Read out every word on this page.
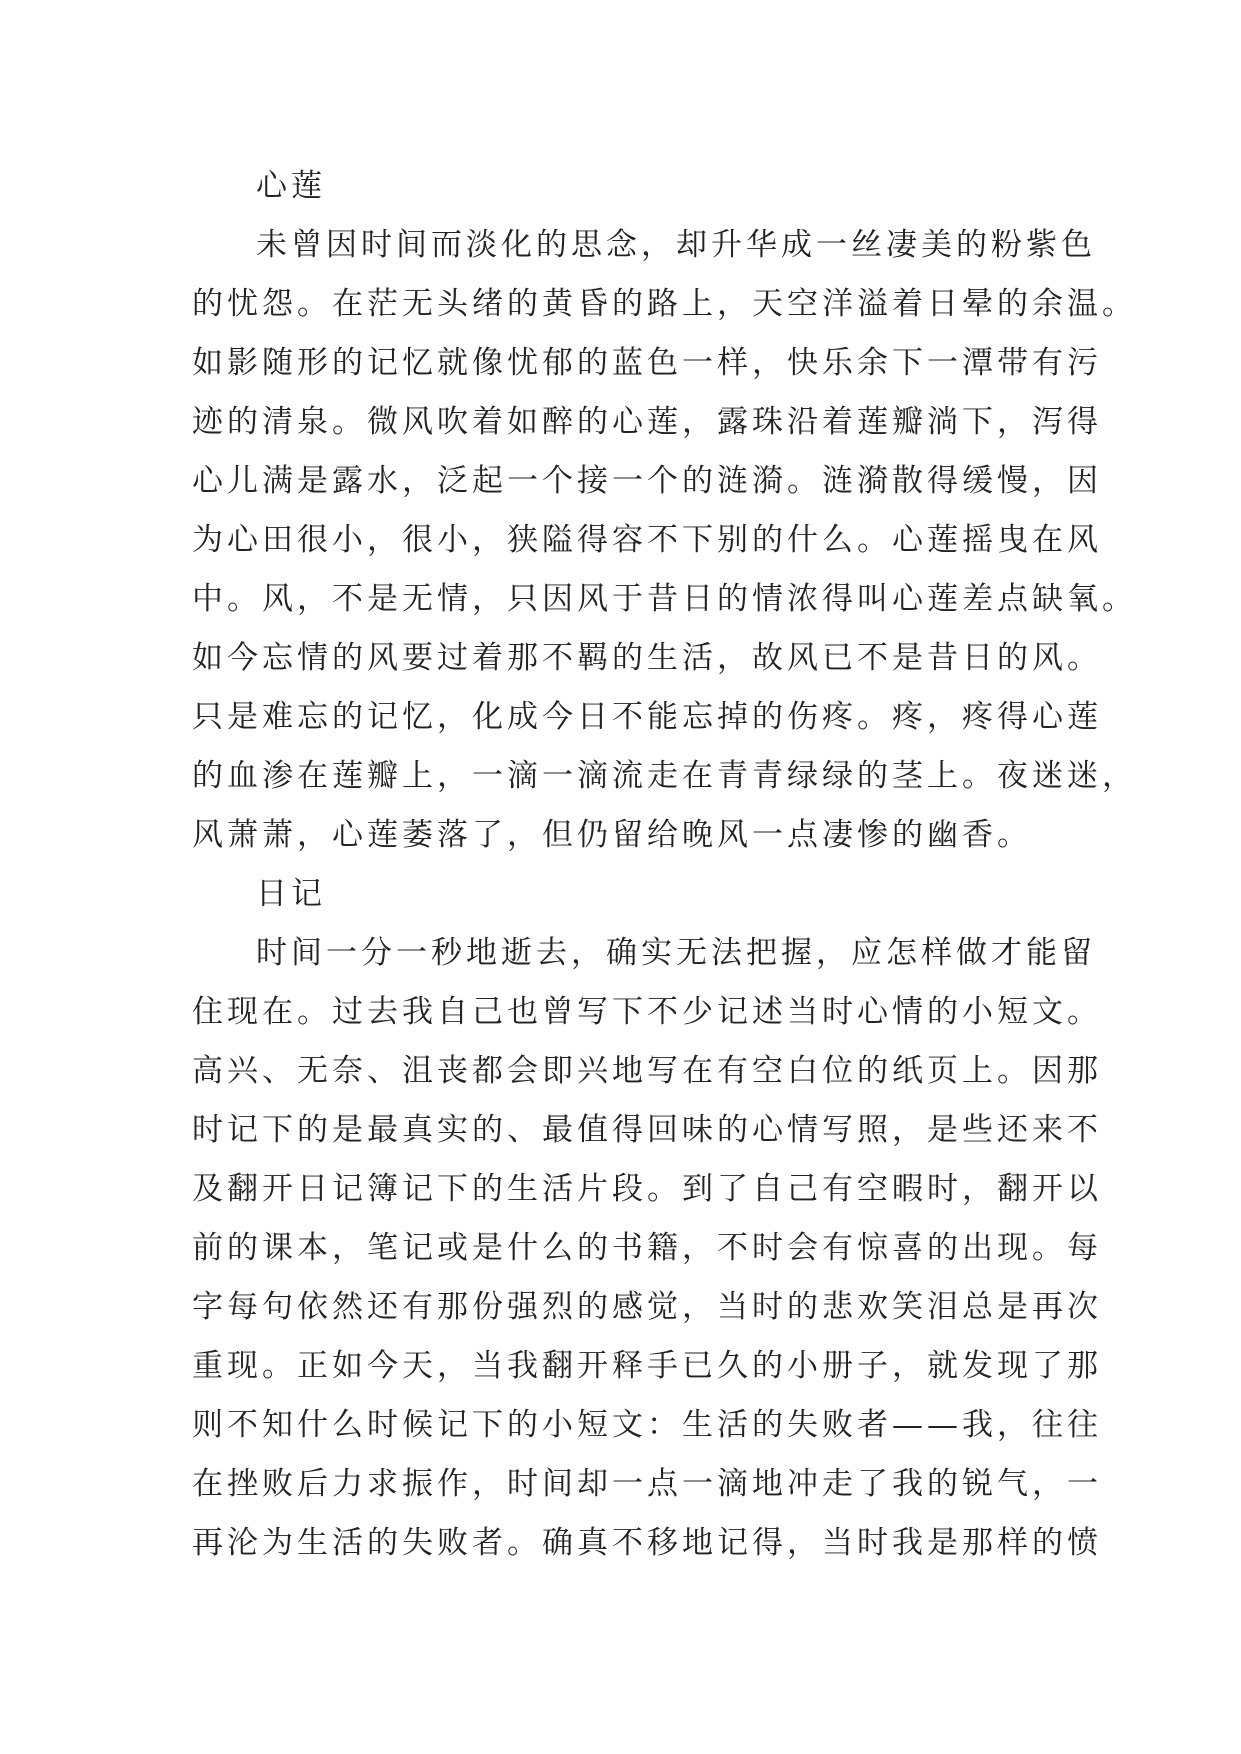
心莲
未曾因时间而淡化的思念，却升华成一丝凄美的粉紫色
的忧怨。在茫无头绪的黄昏的路上，天空洋溢着日晕的余温。
如影随形的记忆就像忧郁的蓝色一样，快乐余下一潭带有污
迹的清泉。微风吹着如醉的心莲，露珠沿着莲瓣淌下，泻得
心儿满是露水，泛起一个接一个的涟漪。涟漪散得缓慢，因
为心田很小，很小，狭隘得容不下别的什么。心莲摇曳在风
中。风，不是无情，只因风于昔日的情浓得叫心莲差点缺氧。
如今忘情的风要过着那不羁的生活，故风已不是昔日的风。
只是难忘的记忆，化成今日不能忘掉的伤疼。疼，疼得心莲
的血渗在莲瓣上，一滴一滴流走在青青绿绿的茎上。夜迷迷，
风萧萧，心莲萎落了，但仍留给晚风一点凄惨的幽香。
日记
时间一分一秒地逝去，确实无法把握，应怎样做才能留
住现在。过去我自己也曾写下不少记述当时心情的小短文。
高兴、无奈、沮丧都会即兴地写在有空白位的纸页上。因那
时记下的是最真实的、最值得回味的心情写照，是些还来不
及翻开日记簿记下的生活片段。到了自己有空暇时，翻开以
前的课本，笔记或是什么的书籍，不时会有惊喜的出现。每
字每句依然还有那份强烈的感觉，当时的悲欢笑泪总是再次
重现。正如今天，当我翻开释手已久的小册子，就发现了那
则不知什么时候记下的小短文：生活的失败者——我，往往
在挫败后力求振作，时间却一点一滴地冲走了我的锐气，一
再沦为生活的失败者。确真不移地记得，当时我是那样的愤
